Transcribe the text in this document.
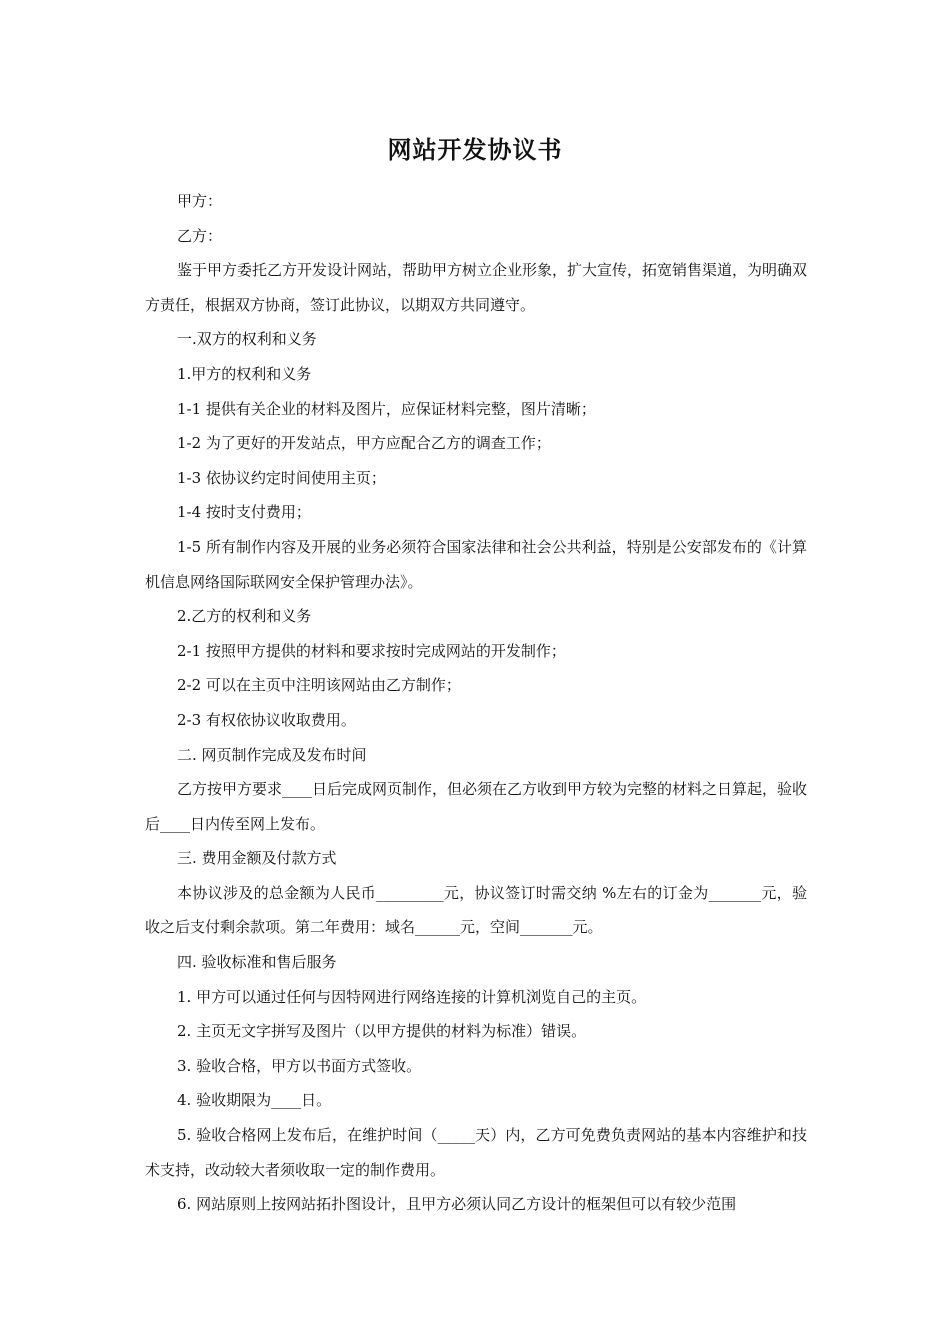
网站开发协议书

甲方：

乙方：

鉴于甲方委托乙方开发设计网站，帮助甲方树立企业形象，扩大宣传，拓宽销售渠道，为明确双方责任，根据双方协商，签订此协议，以期双方共同遵守。

一.双方的权利和义务

1.甲方的权利和义务

1-1 提供有关企业的材料及图片，应保证材料完整，图片清晰；

1-2 为了更好的开发站点，甲方应配合乙方的调查工作；

1-3 依协议约定时间使用主页；

1-4 按时支付费用；

1-5 所有制作内容及开展的业务必须符合国家法律和社会公共利益，特别是公安部发布的《计算机信息网络国际联网安全保护管理办法》。

2.乙方的权利和义务

2-1 按照甲方提供的材料和要求按时完成网站的开发制作；

2-2 可以在主页中注明该网站由乙方制作；

2-3 有权依协议收取费用。

二. 网页制作完成及发布时间

乙方按甲方要求____日后完成网页制作，但必须在乙方收到甲方较为完整的材料之日算起，验收后____日内传至网上发布。

三. 费用金额及付款方式

本协议涉及的总金额为人民币_________元，协议签订时需交纳 %左右的订金为_______元，验收之后支付剩余款项。第二年费用：域名______元，空间_______元。

四. 验收标准和售后服务

1. 甲方可以通过任何与因特网进行网络连接的计算机浏览自己的主页。

2. 主页无文字拼写及图片（以甲方提供的材料为标准）错误。

3. 验收合格，甲方以书面方式签收。

4. 验收期限为____日。

5. 验收合格网上发布后，在维护时间（_____天）内，乙方可免费负责网站的基本内容维护和技术支持，改动较大者须收取一定的制作费用。

6. 网站原则上按网站拓扑图设计，且甲方必须认同乙方设计的框架但可以有较少范围
